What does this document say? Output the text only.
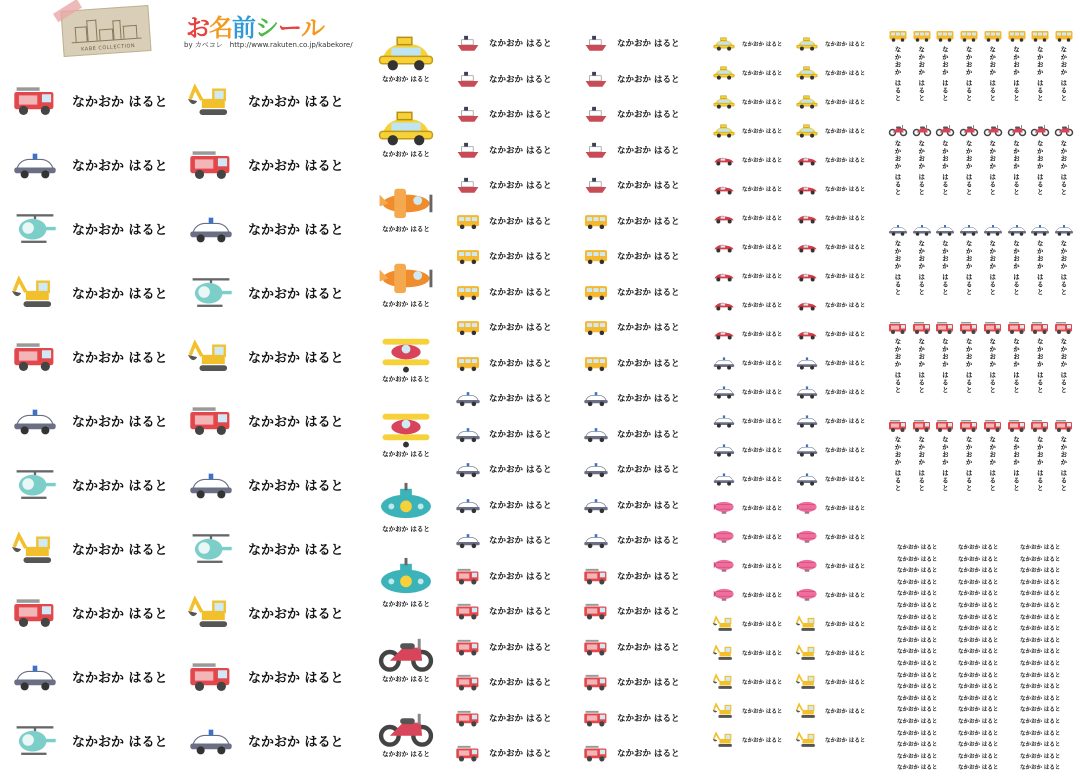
KABE COLLECTION
お名前シール
by カベコレ　http://www.rakuten.co.jp/kabekore/
なかおか はると	なかおか はると
なかおか はると	なかおか はると
なかおか はると	なかおか はると
なかおか はると	なかおか はると
なかおか はると	なかおか はると
なかおか はると	なかおか はると
なかおか はると	なかおか はると
なかおか はると	なかおか はると
なかおか はると	なかおか はると
なかおか はると	なかおか はると
なかおか はると	なかおか はると
なかおか はると
なかおか はると
なかおか はると
なかおか はると
なかおか はると
なかおか はると
なかおか はると
なかおか はると
なかおか はると
なかおか はると
なかおか はると	なかおか はると
なかおか はると	なかおか はると
なかおか はると	なかおか はると
なかおか はると	なかおか はると
なかおか はると	なかおか はると
なかおか はると	なかおか はると
なかおか はると	なかおか はると
なかおか はると	なかおか はると
なかおか はると	なかおか はると
なかおか はると	なかおか はると
なかおか はると	なかおか はると
なかおか はると	なかおか はると
なかおか はると	なかおか はると
なかおか はると	なかおか はると
なかおか はると	なかおか はると
なかおか はると	なかおか はると
なかおか はると	なかおか はると
なかおか はると	なかおか はると
なかおか はると	なかおか はると
なかおか はると	なかおか はると
なかおか はると	なかおか はると
なかおか はると	なかおか はると
なかおか はると	なかおか はると
なかおか はると	なかおか はると
なかおか はると	なかおか はると
なかおか はると	なかおか はると
なかおか はると	なかおか はると
なかおか はると	なかおか はると
なかおか はると	なかおか はると
なかおか はると	なかおか はると
なかおか はると	なかおか はると
なかおか はると	なかおか はると
なかおか はると	なかおか はると
なかおか はると	なかおか はると
なかおか はると	なかおか はると
なかおか はると	なかおか はると
なかおか はると	なかおか はると
なかおか はると	なかおか はると
なかおか はると	なかおか はると
なかおか はると	なかおか はると
なかおか はると	なかおか はると
なかおか はると	なかおか はると
なかおか はると	なかおか はると
なかおか はると	なかおか はると
なかおか はると	なかおか はると
なかおか はると	なかおか はると
なかおか はると なかおか はると なかおか はると なかおか はると なかおか はると なかおか はると なかおか はると なかおか はると
なかおか はると なかおか はると なかおか はると なかおか はると なかおか はると なかおか はると なかおか はると なかおか はると
なかおか はると なかおか はると なかおか はると なかおか はると なかおか はると なかおか はると なかおか はると なかおか はると
なかおか はると なかおか はると なかおか はると なかおか はると なかおか はると なかおか はると なかおか はると なかおか はると
なかおか はると なかおか はると なかおか はると なかおか はると なかおか はると なかおか はると なかおか はると なかおか はると
なかおか はると	なかおか はると	なかおか はると
なかおか はると	なかおか はると	なかおか はると
なかおか はると	なかおか はると	なかおか はると
なかおか はると	なかおか はると	なかおか はると
なかおか はると	なかおか はると	なかおか はると
なかおか はると	なかおか はると	なかおか はると
なかおか はると	なかおか はると	なかおか はると
なかおか はると	なかおか はると	なかおか はると
なかおか はると	なかおか はると	なかおか はると
なかおか はると	なかおか はると	なかおか はると
なかおか はると	なかおか はると	なかおか はると
なかおか はると	なかおか はると	なかおか はると
なかおか はると	なかおか はると	なかおか はると
なかおか はると	なかおか はると	なかおか はると
なかおか はると	なかおか はると	なかおか はると
なかおか はると	なかおか はると	なかおか はると
なかおか はると	なかおか はると	なかおか はると
なかおか はると	なかおか はると	なかおか はると
なかおか はると	なかおか はると	なかおか はると
なかおか はると	なかおか はると	なかおか はると
